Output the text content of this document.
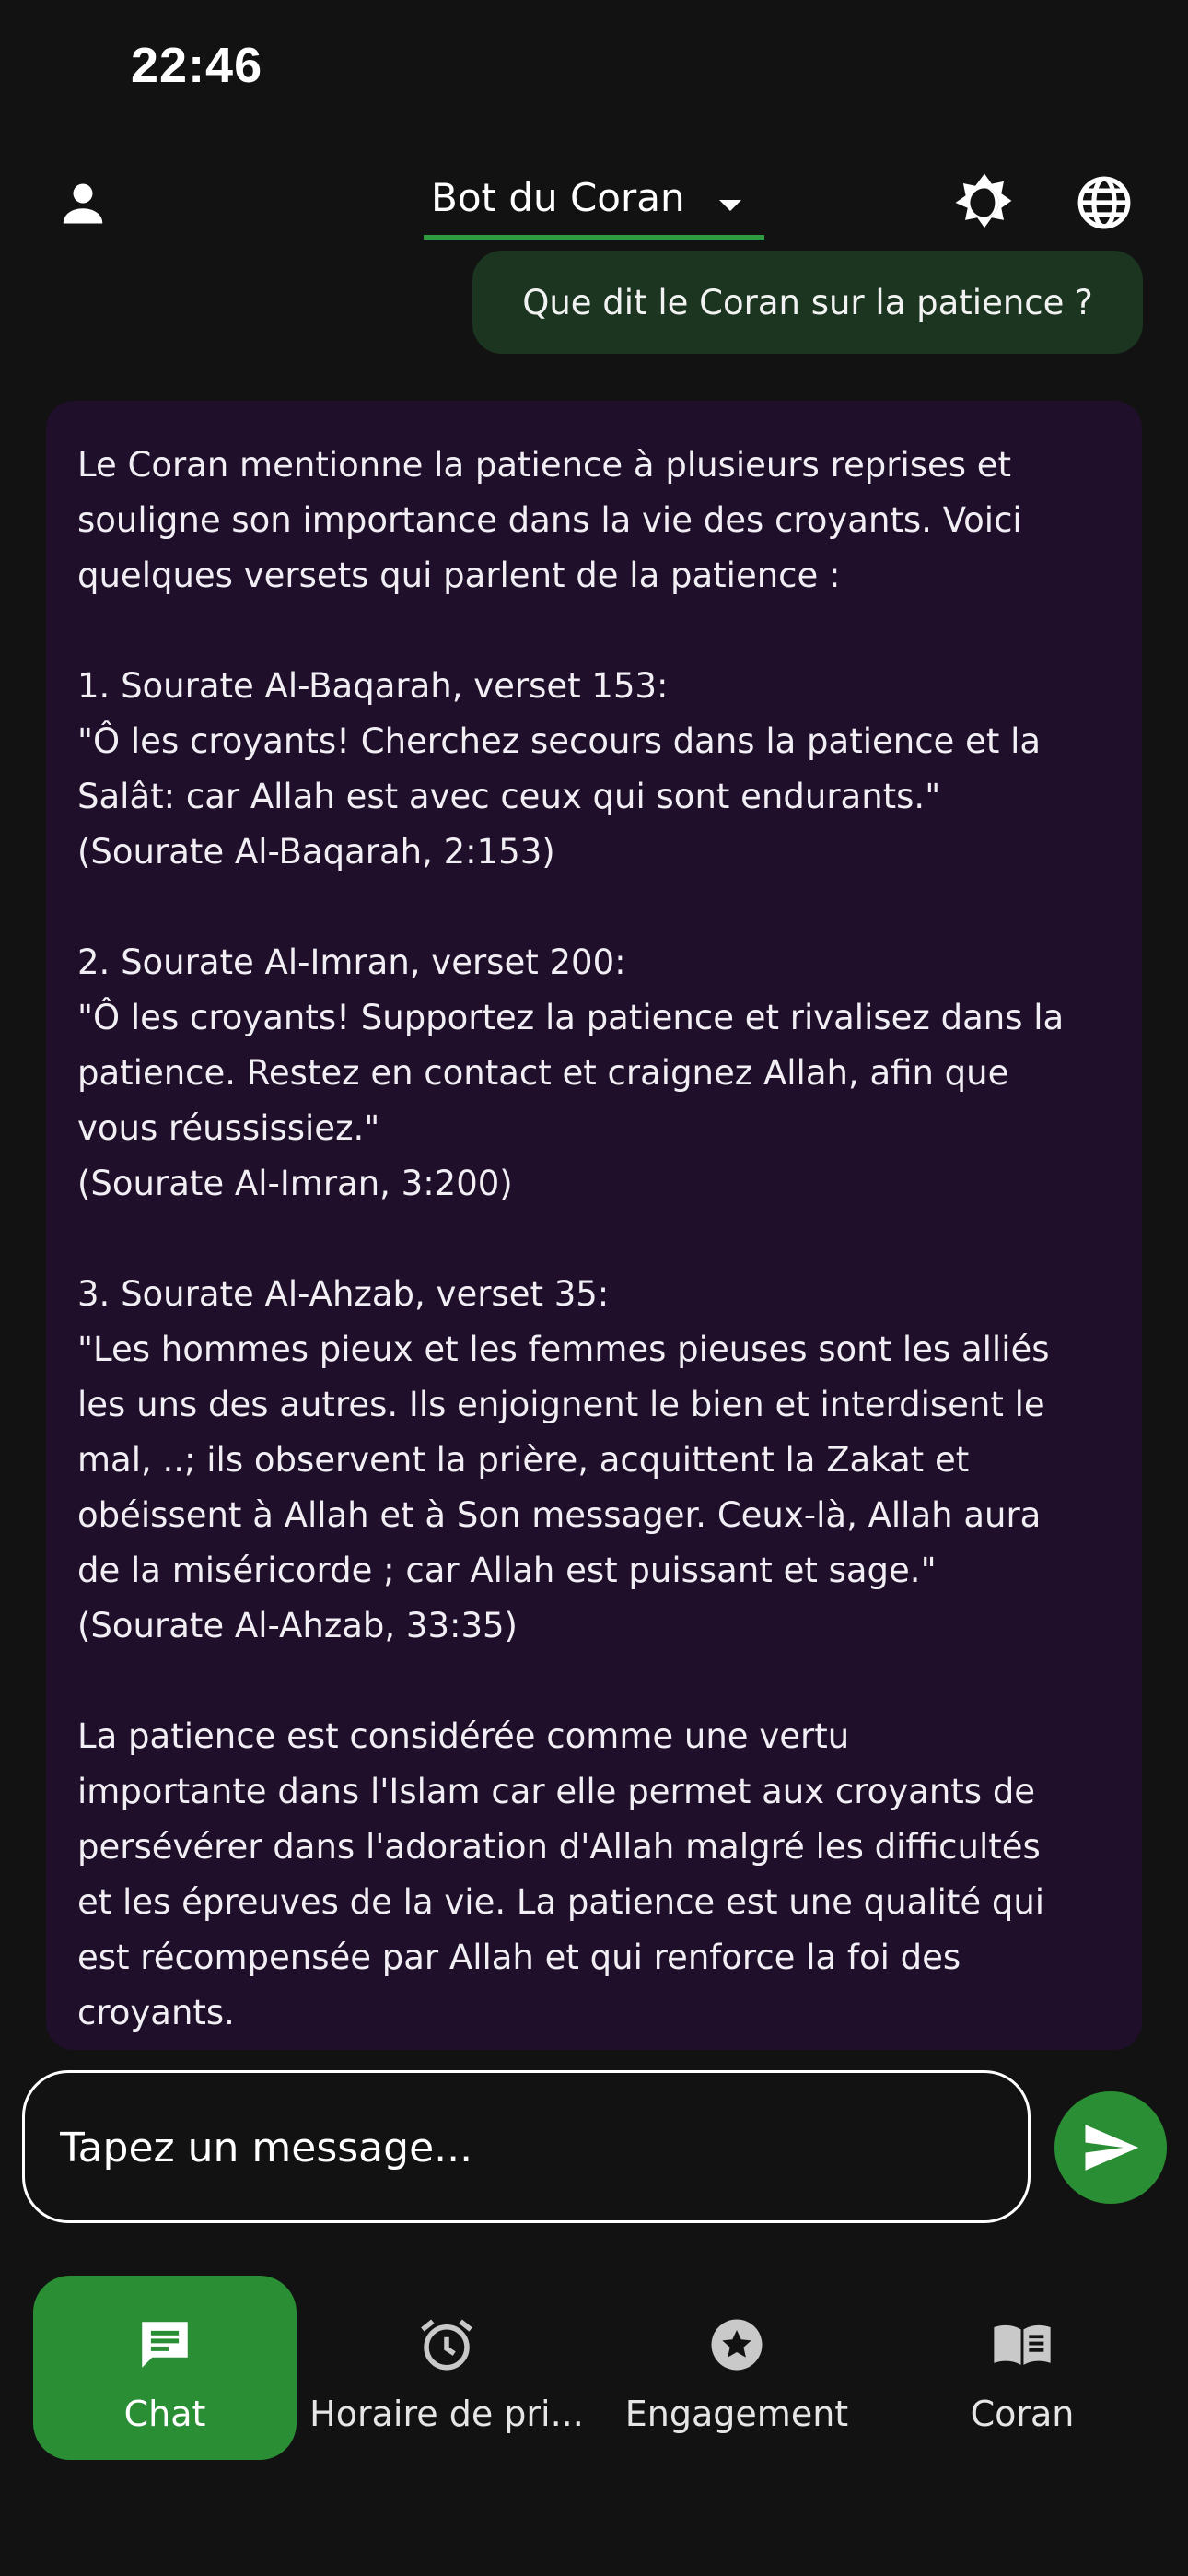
22:46
Bot du Coran
Que dit le Coran sur la patience ?

Le Coran mentionne la patience à plusieurs reprises et
souligne son importance dans la vie des croyants. Voici
quelques versets qui parlent de la patience :

1. Sourate Al-Baqarah, verset 153:
"Ô les croyants! Cherchez secours dans la patience et la
Salât: car Allah est avec ceux qui sont endurants."
(Sourate Al-Baqarah, 2:153)

2. Sourate Al-Imran, verset 200:
"Ô les croyants! Supportez la patience et rivalisez dans la
patience. Restez en contact et craignez Allah, afin que
vous réussissiez."
(Sourate Al-Imran, 3:200)

3. Sourate Al-Ahzab, verset 35:
"Les hommes pieux et les femmes pieuses sont les alliés
les uns des autres. Ils enjoignent le bien et interdisent le
mal, ..; ils observent la prière, acquittent la Zakat et
obéissent à Allah et à Son messager. Ceux-là, Allah aura
de la miséricorde ; car Allah est puissant et sage."
(Sourate Al-Ahzab, 33:35)

La patience est considérée comme une vertu
importante dans l'Islam car elle permet aux croyants de
persévérer dans l'adoration d'Allah malgré les difficultés
et les épreuves de la vie. La patience est une qualité qui
est récompensée par Allah et qui renforce la foi des
croyants.

Tapez un message...
Chat	Horaire de pri... Engagement	Coran
